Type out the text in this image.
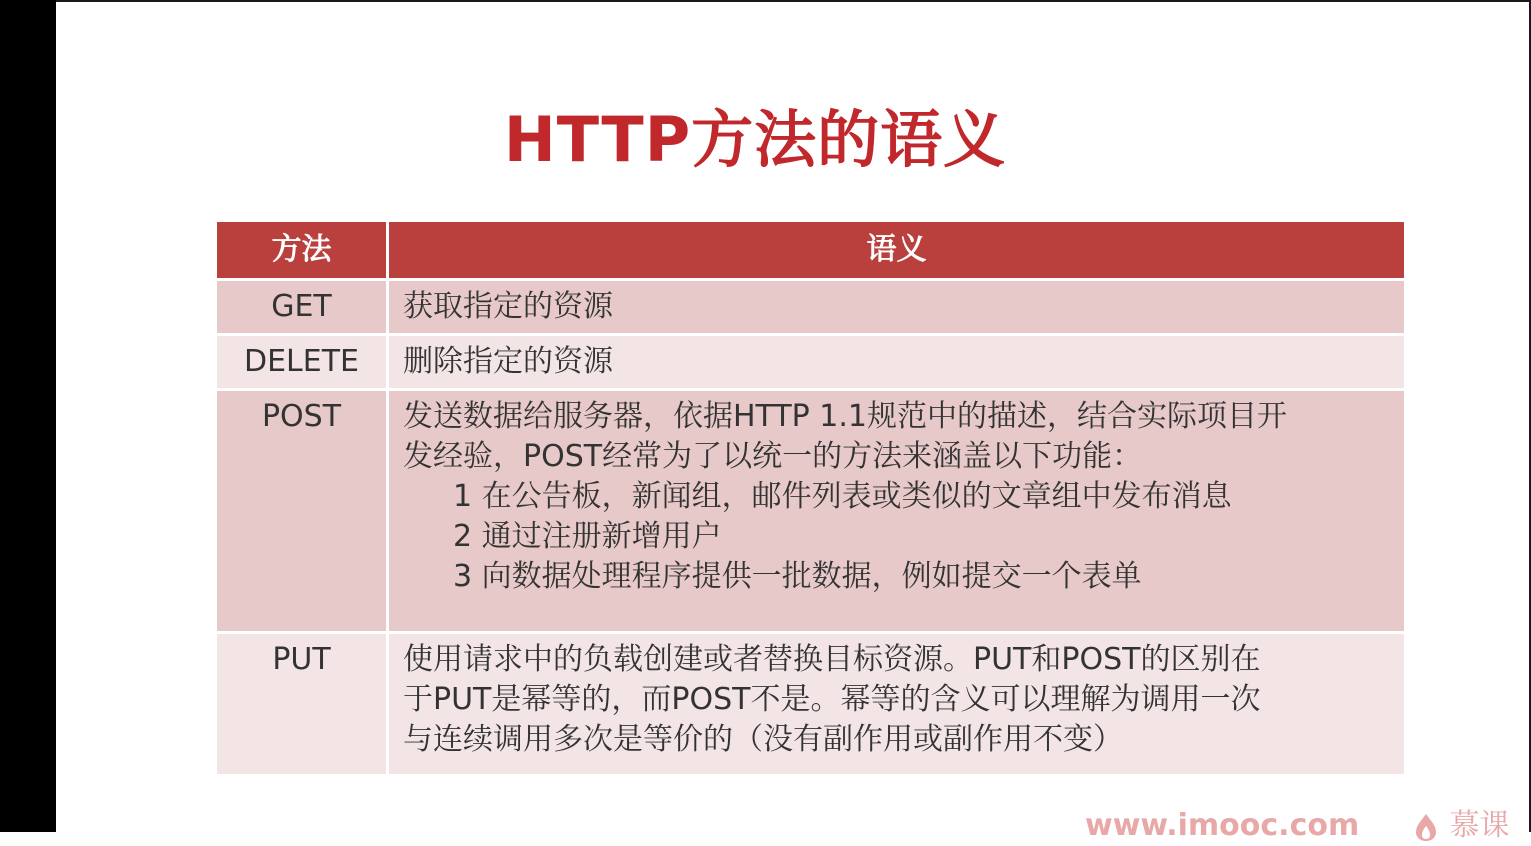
HTTP方法的语义
方法	语义
GET	获取指定的资源

DELETE	删除指定的资源

POST	发送数据给服务器，依据HTTP 1.1规范中的描述，结合实际项目开
发经验，POST经常为了以统一的方法来涵盖以下功能：
1 在公告板，新闻组，邮件列表或类似的文章组中发布消息
2 通过注册新增用户
3 向数据处理程序提供一批数据，例如提交一个表单

PUT	使用请求中的负载创建或者替换目标资源。PUT和POST的区别在
于PUT是幂等的，而POST不是。幂等的含义可以理解为调用一次
与连续调用多次是等价的（没有副作用或副作用不变）
www.imooc.com	慕课
